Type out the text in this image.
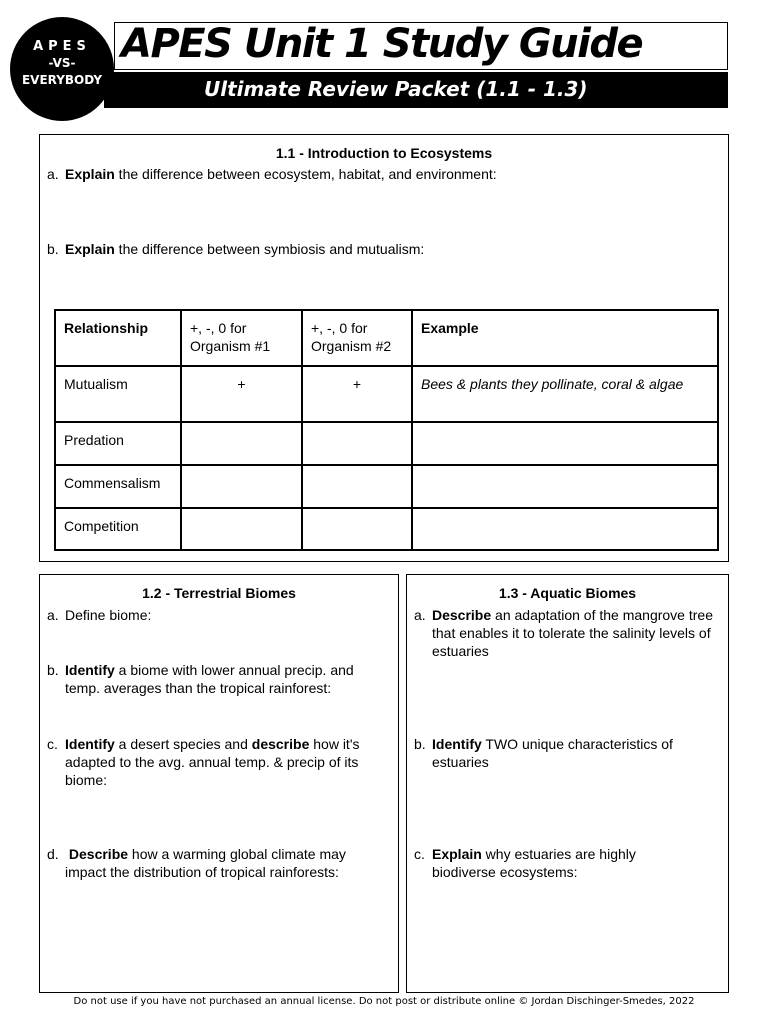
APES
-VS-
EVERYBODY
APES Unit 1 Study Guide
Ultimate Review Packet (1.1 - 1.3)
1.1 - Introduction to Ecosystems
a. Explain the difference between ecosystem, habitat, and environment:
b. Explain the difference between symbiosis and mutualism:
Relationship	+, -, 0 for Organism #1	+, -, 0 for Organism #2	Example
Mutualism	+	+	Bees & plants they pollinate, coral & algae
Predation			
Commensalism			
Competition			
1.2 - Terrestrial Biomes
a. Define biome:
b. Identify a biome with lower annual precip. and temp. averages than the tropical rainforest:
c. Identify a desert species and describe how it's adapted to the avg. annual temp. & precip of its biome:
d. Describe how a warming global climate may impact the distribution of tropical rainforests:
1.3 - Aquatic Biomes
a. Describe an adaptation of the mangrove tree that enables it to tolerate the salinity levels of estuaries
b. Identify TWO unique characteristics of estuaries
c. Explain why estuaries are highly biodiverse ecosystems:
Do not use if you have not purchased an annual license. Do not post or distribute online © Jordan Dischinger-Smedes, 2022
